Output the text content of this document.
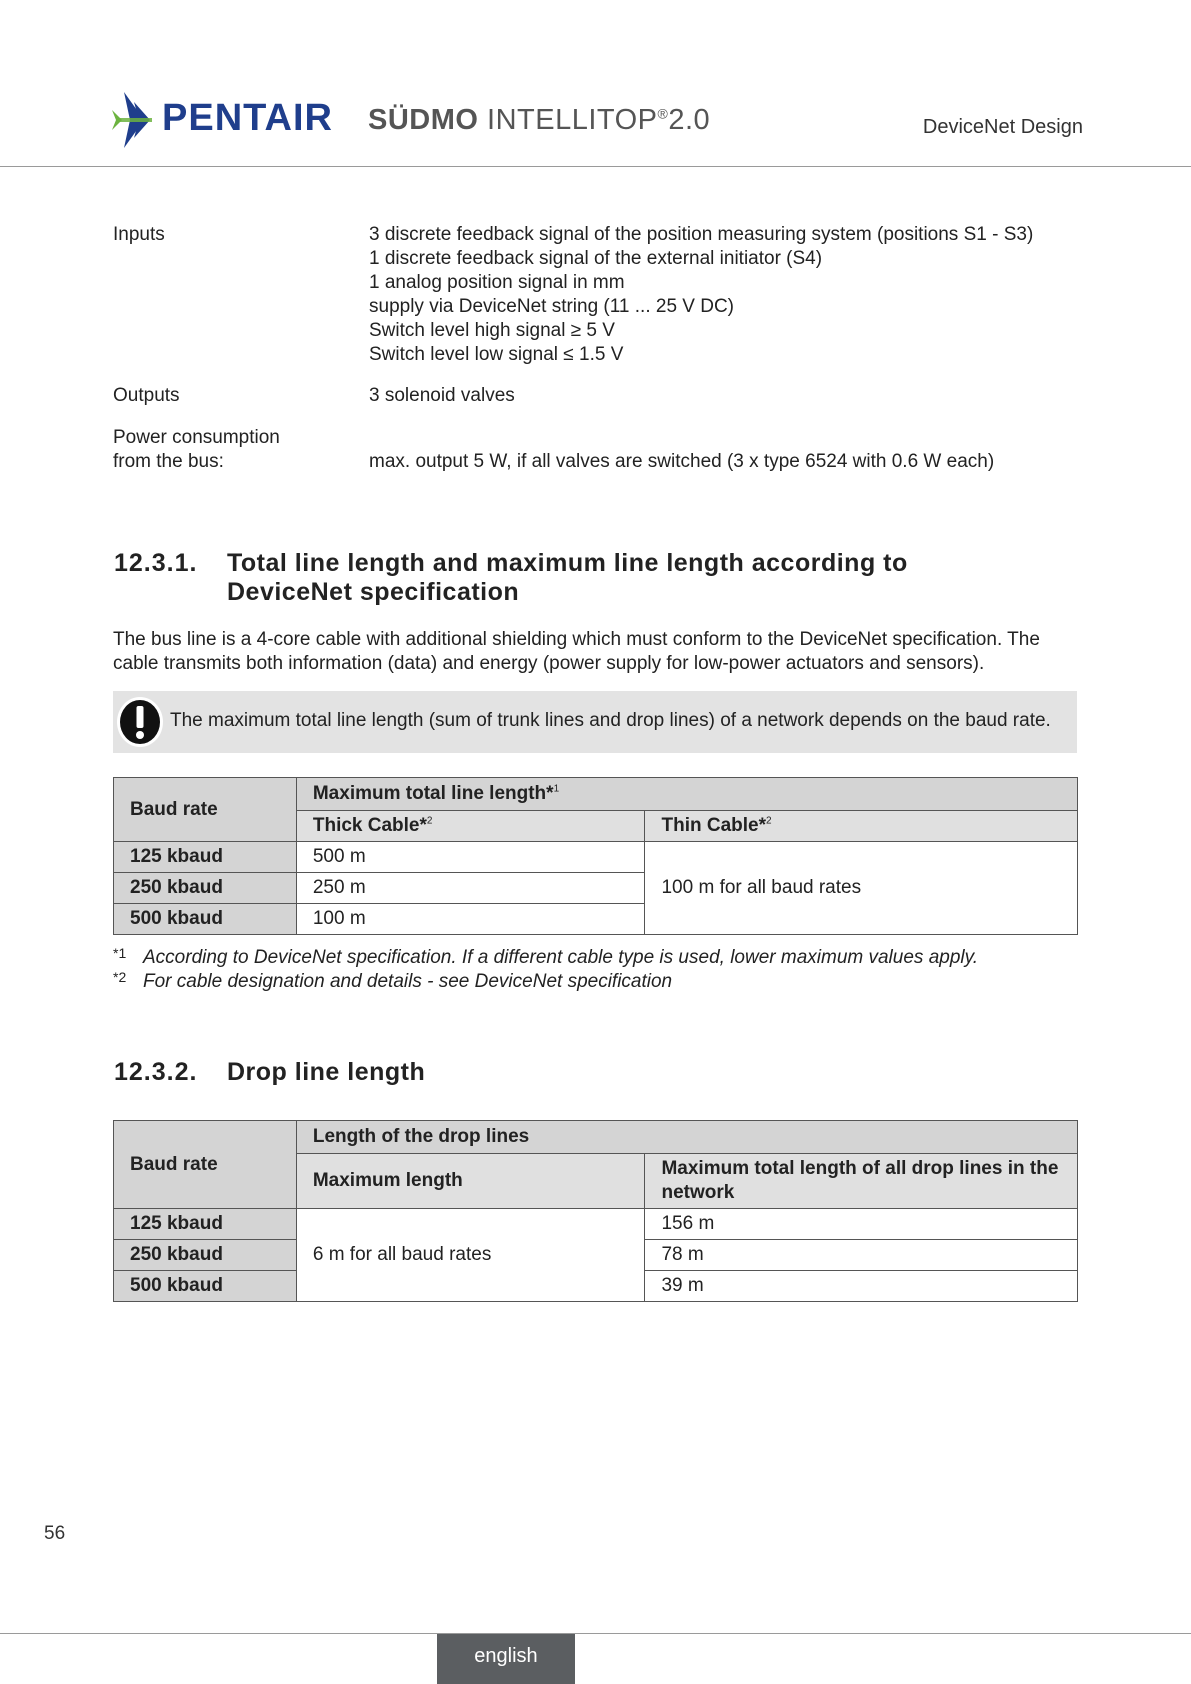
PENTAIR SÜDMO INTELLITOP®2.0	DeviceNet Design
Inputs	3 discrete feedback signal of the position measuring system (positions S1 - S3)
1 discrete feedback signal of the external initiator (S4)
1 analog position signal in mm
supply via DeviceNet string (11 ... 25 V DC)
Switch level high signal ≥ 5 V
Switch level low signal ≤ 1.5 V
Outputs	3 solenoid valves
Power consumption
from the bus:	max. output 5 W, if all valves are switched (3 x type 6524 with 0.6 W each)
12.3.1. Total line length and maximum line length according to
DeviceNet specification
The bus line is a 4-core cable with additional shielding which must conform to the DeviceNet specification. The cable transmits both information (data) and energy (power supply for low-power actuators and sensors).
The maximum total line length (sum of trunk lines and drop lines) of a network depends on the baud rate.
Baud rate	Maximum total line length*$^1$
	Thick Cable*$^2$	Thin Cable*$^2$
125 kbaud	500 m	100 m for all baud rates
250 kbaud	250 m	
500 kbaud	100 m	
*1 According to DeviceNet specification. If a different cable type is used, lower maximum values apply.
*2 For cable designation and details - see DeviceNet specification
12.3.2. Drop line length
Baud rate	Length of the drop lines	
	Maximum length	Maximum total length of all drop lines in the network
125 kbaud	6 m for all baud rates	156 m
250 kbaud		78 m
500 kbaud		39 m
56
english
